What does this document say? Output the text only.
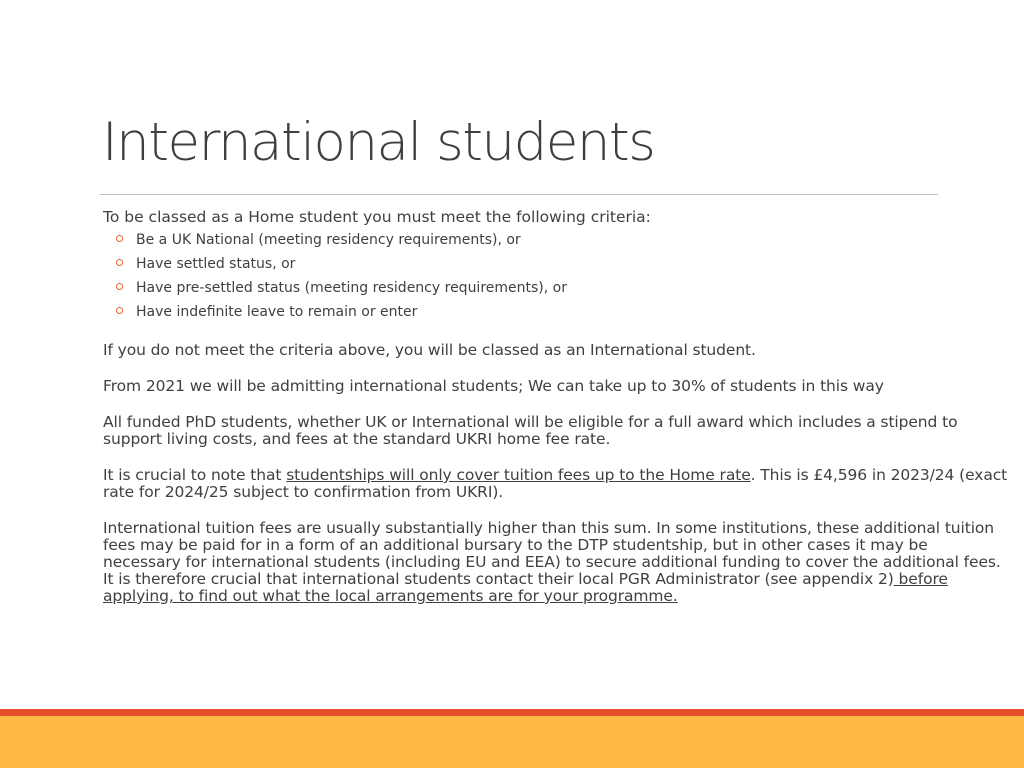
International students

To be classed as a Home student you must meet the following criteria:

Be a UK National (meeting residency requirements), or
Have settled status, or
Have pre-settled status (meeting residency requirements), or
Have indefinite leave to remain or enter

If you do not meet the criteria above, you will be classed as an International student.

From 2021 we will be admitting international students; We can take up to 30% of students in this way

All funded PhD students, whether UK or International will be eligible for a full award which includes a stipend to support living costs, and fees at the standard UKRI home fee rate.

It is crucial to note that studentships will only cover tuition fees up to the Home rate. This is £4,596 in 2023/24 (exact rate for 2024/25 subject to confirmation from UKRI).

International tuition fees are usually substantially higher than this sum. In some institutions, these additional tuition fees may be paid for in a form of an additional bursary to the DTP studentship, but in other cases it may be necessary for international students (including EU and EEA) to secure additional funding to cover the additional fees. It is therefore crucial that international students contact their local PGR Administrator (see appendix 2) before applying, to find out what the local arrangements are for your programme.
